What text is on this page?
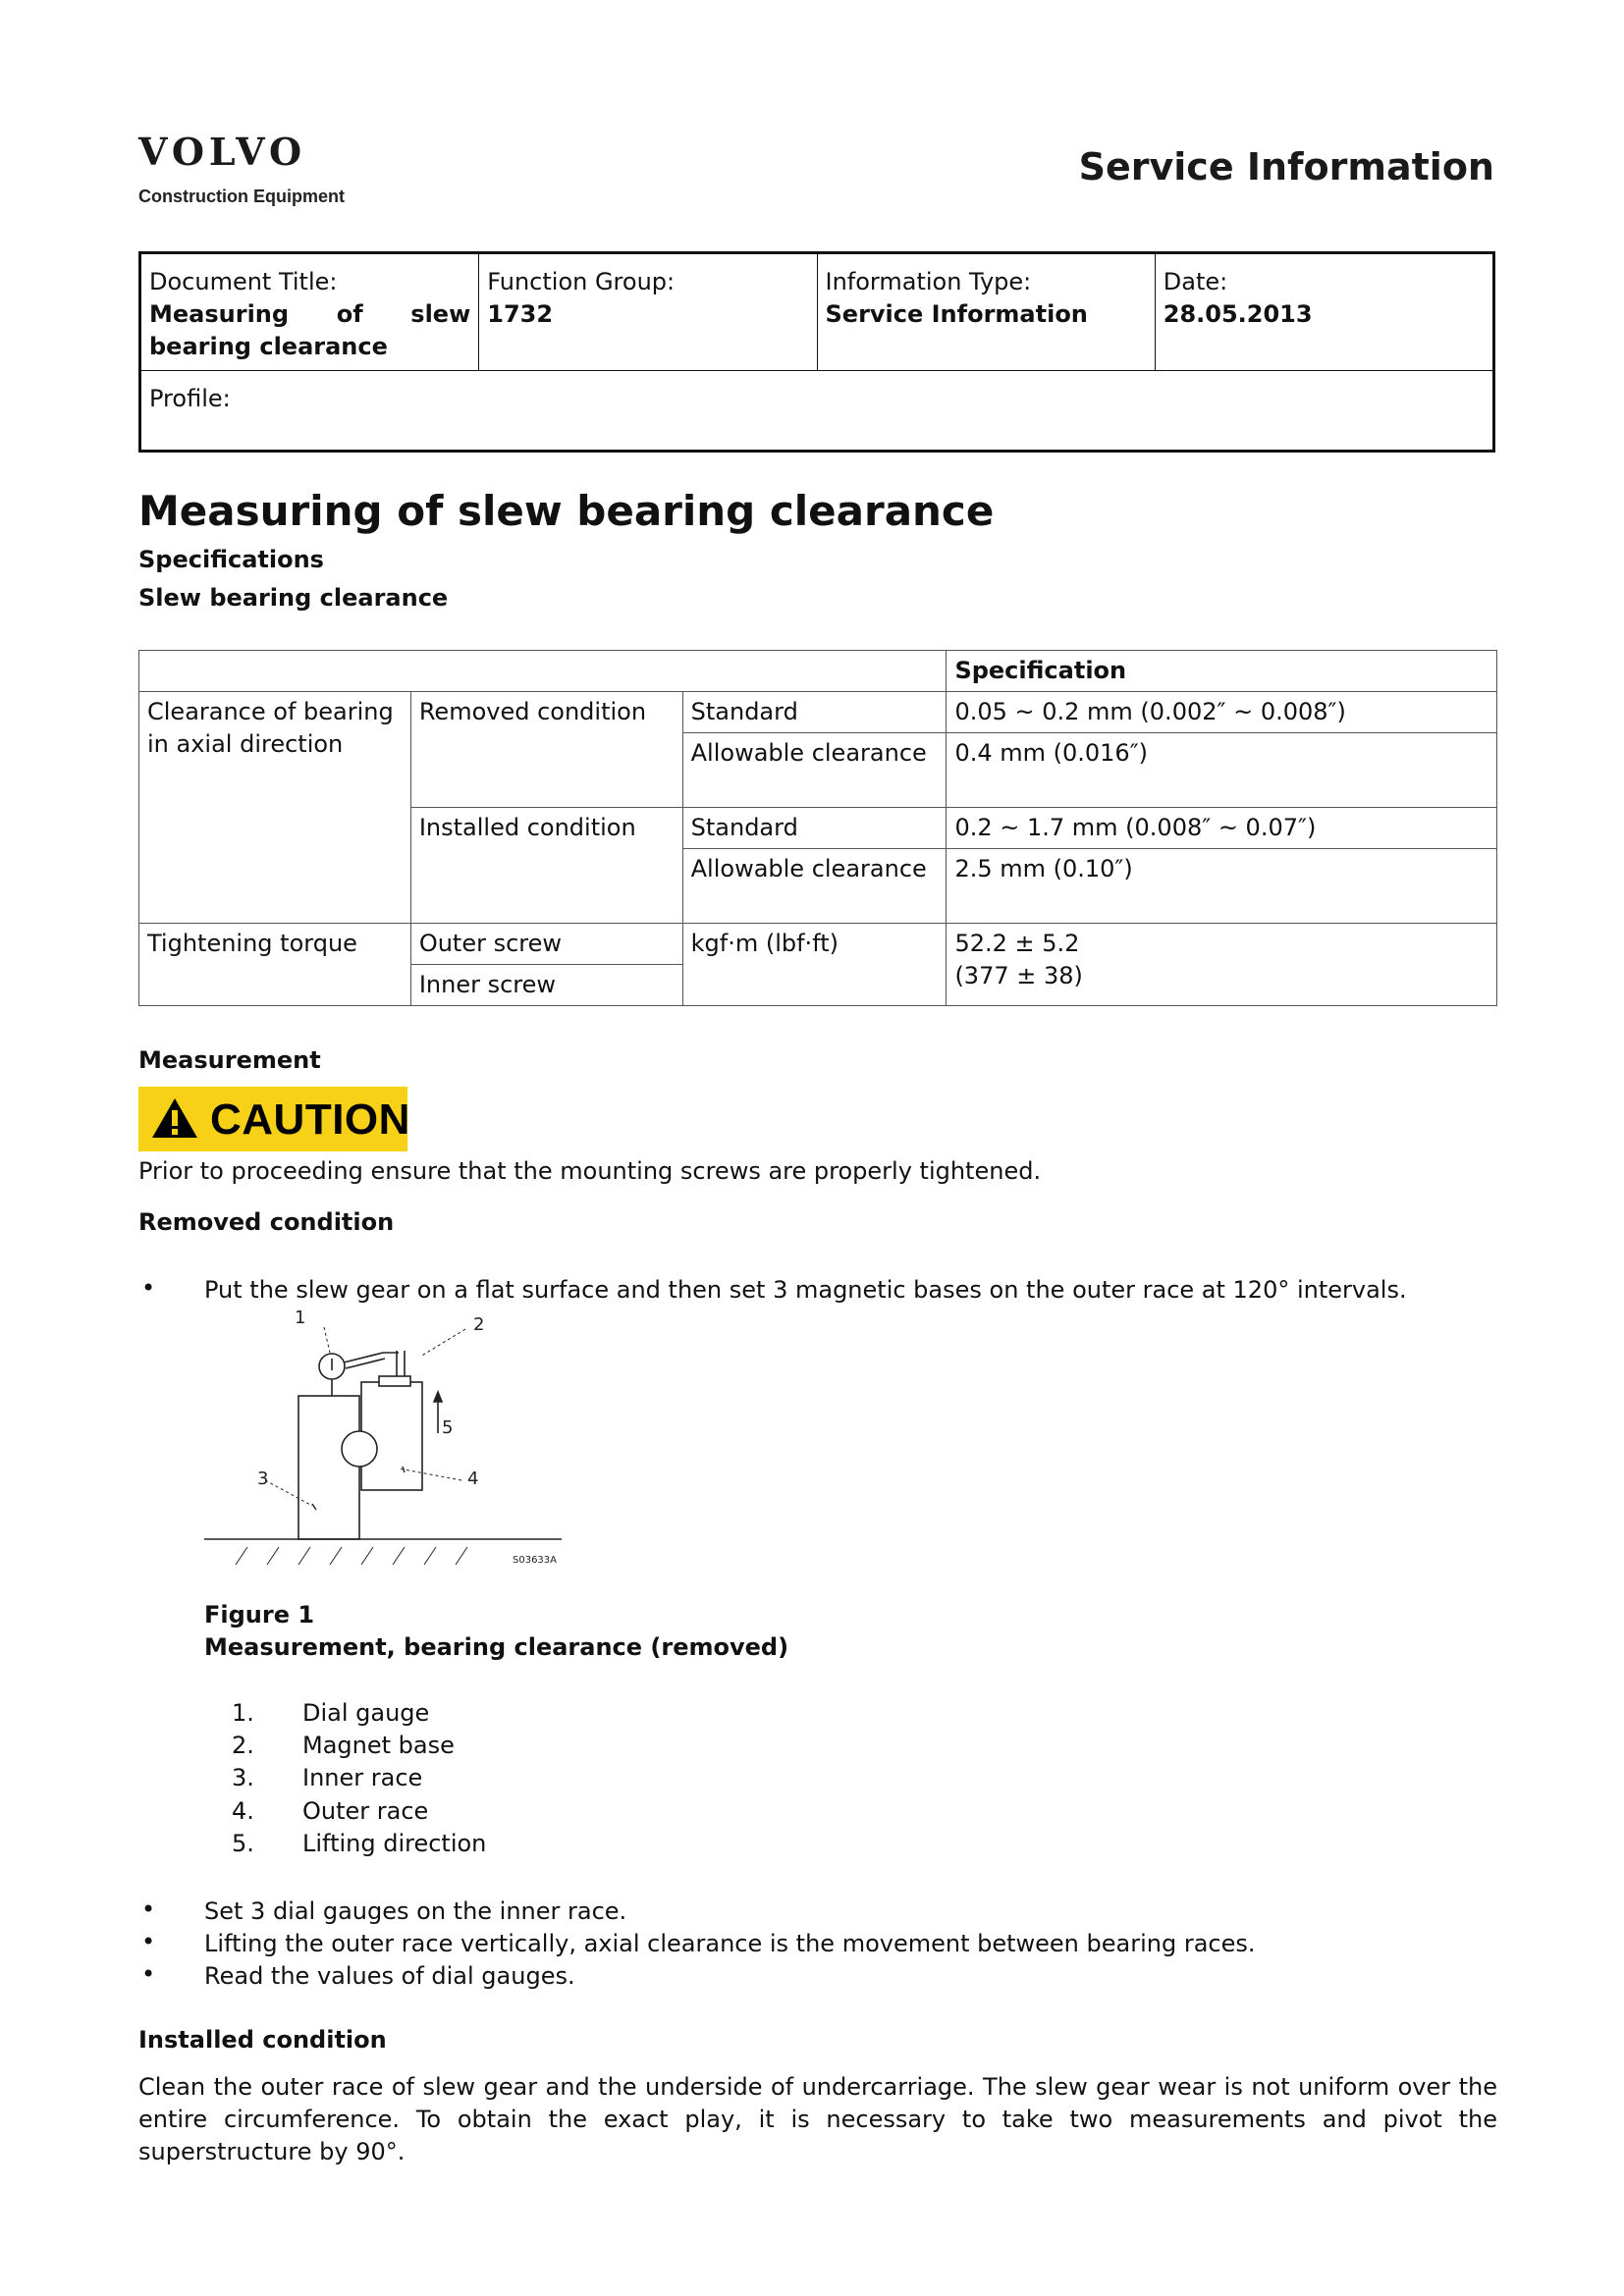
VOLVO
Construction Equipment
Service Information
Document Title:
Measuring of slew bearing clearance
Function Group:
1732
Information Type:
Service Information
Date:
28.05.2013
Profile:
Measuring of slew bearing clearance
Specifications
Slew bearing clearance
			Specification
Clearance of bearing in axial direction	Removed condition	Standard	0.05 ~ 0.2 mm (0.002″ ~ 0.008″)
		Allowable clearance	0.4 mm (0.016″)
	Installed condition	Standard	0.2 ~ 1.7 mm (0.008″ ~ 0.07″)
		Allowable clearance	2.5 mm (0.10″)
Tightening torque	Outer screw	kgf·m (lbf·ft)	52.2 ± 5.2
(377 ± 38)

	Inner screw		
Measurement
CAUTION
Prior to proceeding ensure that the mounting screws are properly tightened.
Removed condition
• Put the slew gear on a flat surface and then set 3 magnetic bases on the outer race at 120° intervals.
1	2
3	4
5
S03633A
Figure 1
Measurement, bearing clearance (removed)
1. Dial gauge
2. Magnet base
3. Inner race
4. Outer race
5. Lifting direction
• Set 3 dial gauges on the inner race.
• Lifting the outer race vertically, axial clearance is the movement between bearing races.
• Read the values of dial gauges.
Installed condition
Clean the outer race of slew gear and the underside of undercarriage. The slew gear wear is not uniform over the entire circumference. To obtain the exact play, it is necessary to take two measurements and pivot the superstructure by 90°.
